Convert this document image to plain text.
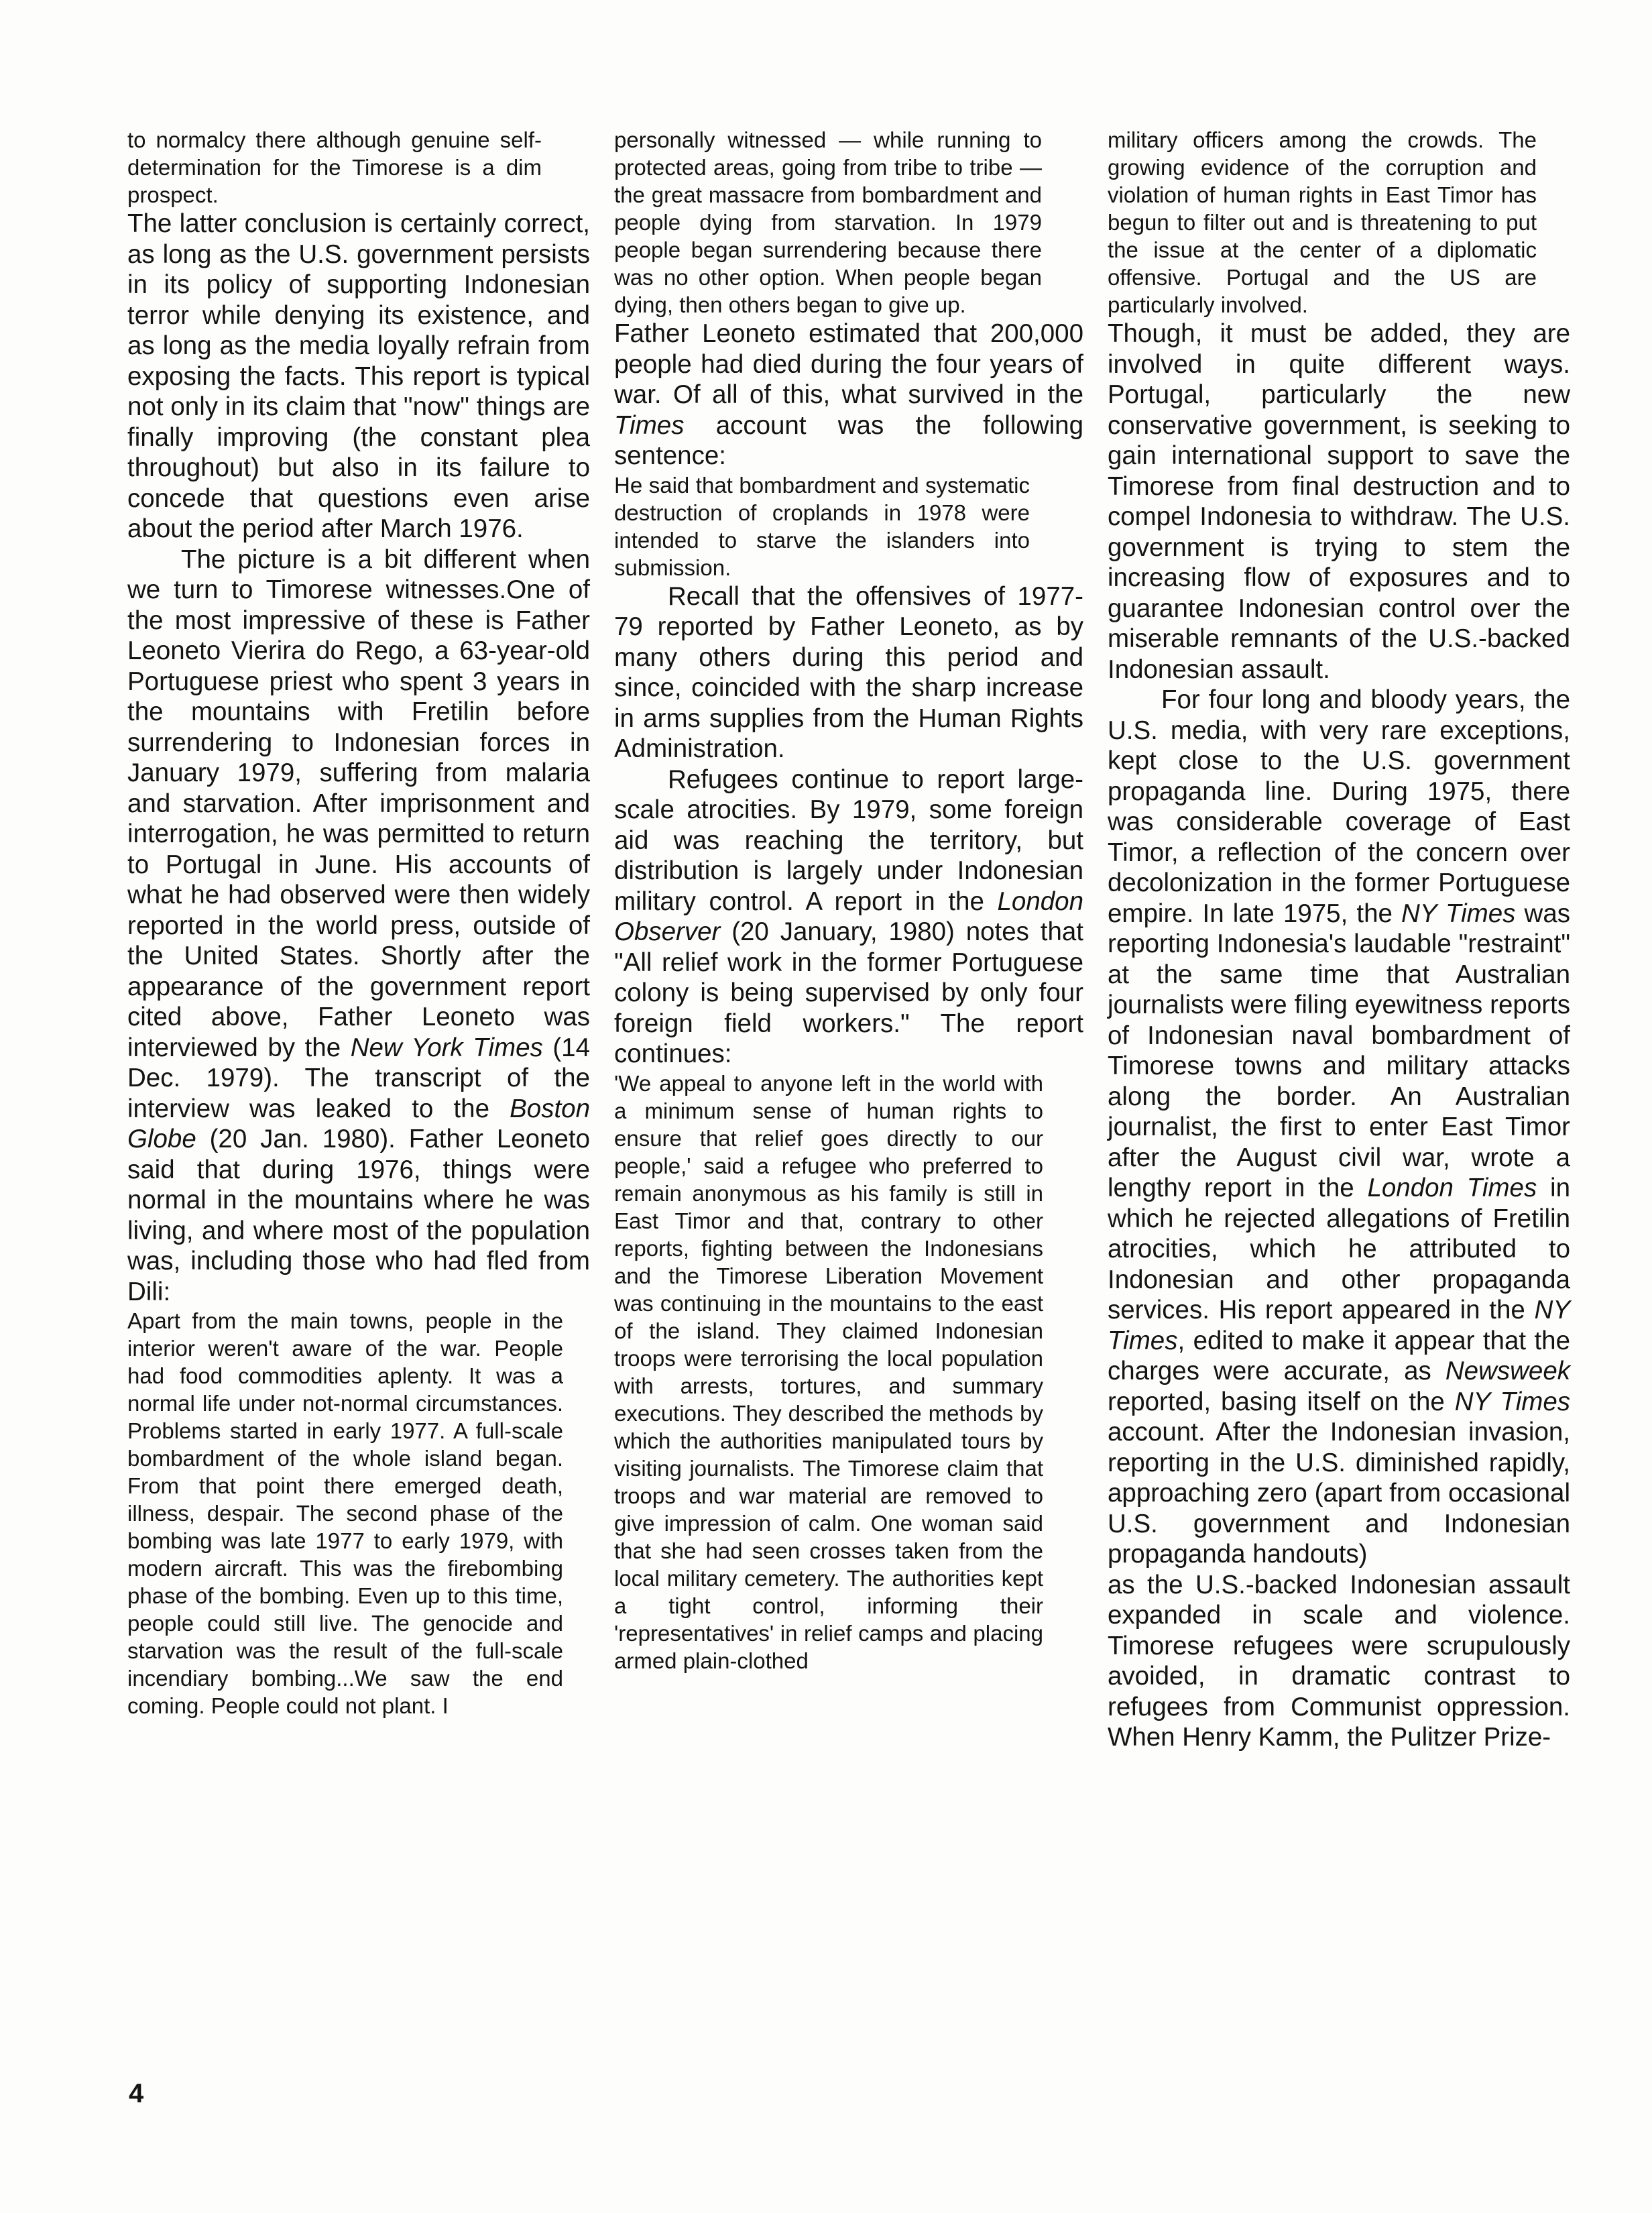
to normalcy there although genuine self-determination for the Timorese is a dim prospect.

The latter conclusion is certainly correct, as long as the U.S. government persists in its policy of supporting Indonesian terror while denying its existence, and as long as the media loyally refrain from exposing the facts. This report is typical not only in its claim that "now" things are finally improving (the constant plea throughout) but also in its failure to concede that questions even arise about the period after March 1976.

The picture is a bit different when we turn to Timorese witnesses.One of the most impressive of these is Father Leoneto Vierira do Rego, a 63-year-old Portuguese priest who spent 3 years in the mountains with Fretilin before surrendering to Indonesian forces in January 1979, suffering from malaria and starvation. After imprisonment and interrogation, he was permitted to return to Portugal in June. His accounts of what he had observed were then widely reported in the world press, outside of the United States. Shortly after the appearance of the government report cited above, Father Leoneto was interviewed by the New York Times (14 Dec. 1979). The transcript of the interview was leaked to the Boston Globe (20 Jan. 1980). Father Leoneto said that during 1976, things were normal in the mountains where he was living, and where most of the population was, including those who had fled from Dili:

Apart from the main towns, people in the interior weren't aware of the war. People had food commodities aplenty. It was a normal life under not-normal circumstances. Problems started in early 1977. A full-scale bombardment of the whole island began. From that point there emerged death, illness, despair. The second phase of the bombing was late 1977 to early 1979, with modern aircraft. This was the firebombing phase of the bombing. Even up to this time, people could still live. The genocide and starvation was the result of the full-scale incendiary bombing...We saw the end coming. People could not plant. I

personally witnessed — while running to protected areas, going from tribe to tribe — the great massacre from bombardment and people dying from starvation. In 1979 people began surrendering because there was no other option. When people began dying, then others began to give up.

Father Leoneto estimated that 200,000 people had died during the four years of war. Of all of this, what survived in the Times account was the following sentence:

He said that bombardment and systematic destruction of croplands in 1978 were intended to starve the islanders into submission.

Recall that the offensives of 1977-79 reported by Father Leoneto, as by many others during this period and since, coincided with the sharp increase in arms supplies from the Human Rights Administration.

Refugees continue to report large-scale atrocities. By 1979, some foreign aid was reaching the territory, but distribution is largely under Indonesian military control. A report in the London Observer (20 January, 1980) notes that "All relief work in the former Portuguese colony is being supervised by only four foreign field workers." The report continues:

'We appeal to anyone left in the world with a minimum sense of human rights to ensure that relief goes directly to our people,' said a refugee who preferred to remain anonymous as his family is still in East Timor and that, contrary to other reports, fighting between the Indonesians and the Timorese Liberation Movement was continuing in the mountains to the east of the island. They claimed Indonesian troops were terrorising the local population with arrests, tortures, and summary executions. They described the methods by which the authorities manipulated tours by visiting journalists. The Timorese claim that troops and war material are removed to give impression of calm. One woman said that she had seen crosses taken from the local military cemetery. The authorities kept a tight control, informing their 'representatives' in relief camps and placing armed plain-clothed

military officers among the crowds. The growing evidence of the corruption and violation of human rights in East Timor has begun to filter out and is threatening to put the issue at the center of a diplomatic offensive. Portugal and the US are particularly involved.

Though, it must be added, they are involved in quite different ways. Portugal, particularly the new conservative government, is seeking to gain international support to save the Timorese from final destruction and to compel Indonesia to withdraw. The U.S. government is trying to stem the increasing flow of exposures and to guarantee Indonesian control over the miserable remnants of the U.S.-backed Indonesian assault.

For four long and bloody years, the U.S. media, with very rare exceptions, kept close to the U.S. government propaganda line. During 1975, there was considerable coverage of East Timor, a reflection of the concern over decolonization in the former Portuguese empire. In late 1975, the NY Times was reporting Indonesia's laudable "restraint" at the same time that Australian journalists were filing eyewitness reports of Indonesian naval bombardment of Timorese towns and military attacks along the border. An Australian journalist, the first to enter East Timor after the August civil war, wrote a lengthy report in the London Times in which he rejected allegations of Fretilin atrocities, which he attributed to Indonesian and other propaganda services. His report appeared in the NY Times, edited to make it appear that the charges were accurate, as Newsweek reported, basing itself on the NY Times account. After the Indonesian invasion, reporting in the U.S. diminished rapidly, approaching zero (apart from occasional U.S. government and Indonesian propaganda handouts)

as the U.S.-backed Indonesian assault expanded in scale and violence. Timorese refugees were scrupulously avoided, in dramatic contrast to refugees from Communist oppression. When Henry Kamm, the Pulitzer Prize-

4
